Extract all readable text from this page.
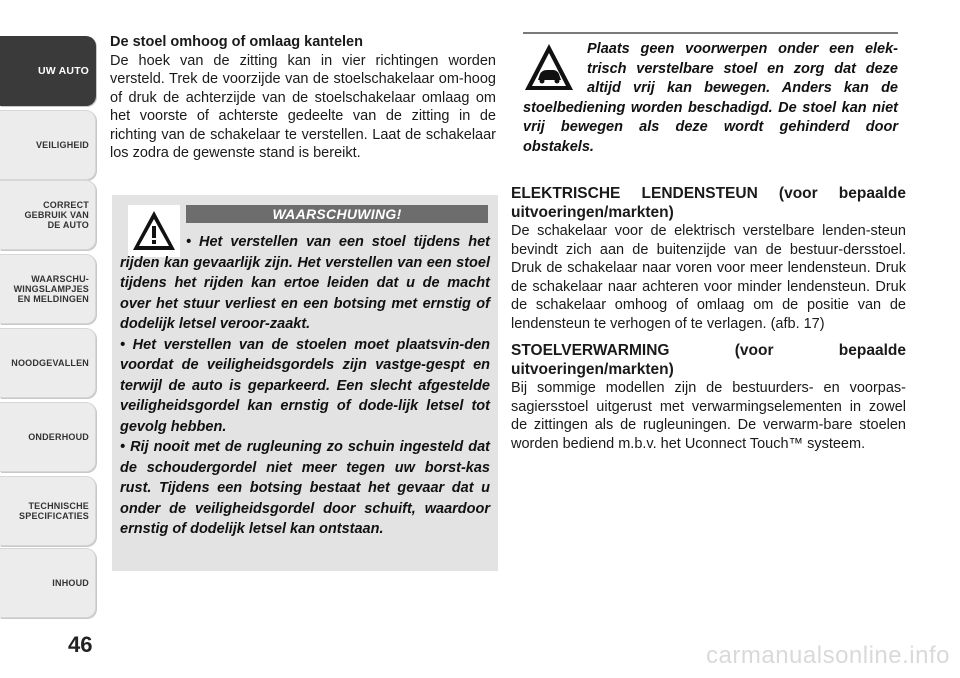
UW AUTO
VEILIGHEID
CORRECT
GEBRUIK VAN
DE AUTO
WAARSCHU-
WINGSLAMPJES
EN MELDINGEN
NOODGEVALLEN
ONDERHOUD
TECHNISCHE
SPECIFICATIES
INHOUD
46

De stoel omhoog of omlaag kantelen

De hoek van de zitting kan in vier richtingen worden versteld. Trek de voorzijde van de stoelschakelaar om-hoog of druk de achterzijde van de stoelschakelaar omlaag om het voorste of achterste gedeelte van de zitting in de richting van de schakelaar te verstellen. Laat de schakelaar los zodra de gewenste stand is bereikt.

WAARSCHUWING!

• Het verstellen van een stoel tijdens het rijden kan gevaarlijk zijn. Het verstellen van een stoel tijdens het rijden kan ertoe leiden dat u de macht over het stuur verliest en een botsing met ernstig of dodelijk letsel veroor-zaakt.

• Het verstellen van de stoelen moet plaatsvin-den voordat de veiligheidsgordels zijn vastge-gespt en terwijl de auto is geparkeerd. Een slecht afgestelde veiligheidsgordel kan ernstig of dode-lijk letsel tot gevolg hebben.

• Rij nooit met de rugleuning zo schuin ingesteld dat de schoudergordel niet meer tegen uw borst-kas rust. Tijdens een botsing bestaat het gevaar dat u onder de veiligheidsgordel door schuift, waardoor ernstig of dodelijk letsel kan ontstaan.

Plaats geen voorwerpen onder een elek-trisch verstelbare stoel en zorg dat deze altijd vrij kan bewegen. Anders kan de stoelbediening worden beschadigd. De stoel kan niet vrij bewegen als deze wordt gehinderd door obstakels.

ELEKTRISCHE LENDENSTEUN (voor bepaalde uitvoeringen/markten)

De schakelaar voor de elektrisch verstelbare lenden-steun bevindt zich aan de buitenzijde van de bestuur-dersstoel. Druk de schakelaar naar voren voor meer lendensteun. Druk de schakelaar naar achteren voor minder lendensteun. Druk de schakelaar omhoog of omlaag om de positie van de lendensteun te verhogen of te verlagen. (afb. 17)

STOELVERWARMING (voor bepaalde uitvoeringen/markten)

Bij sommige modellen zijn de bestuurders- en voorpas-sagiersstoel uitgerust met verwarmingselementen in zowel de zittingen als de rugleuningen. De verwarm-bare stoelen worden bediend m.b.v. het Uconnect Touch™ systeem.

carmanualsonline.info
